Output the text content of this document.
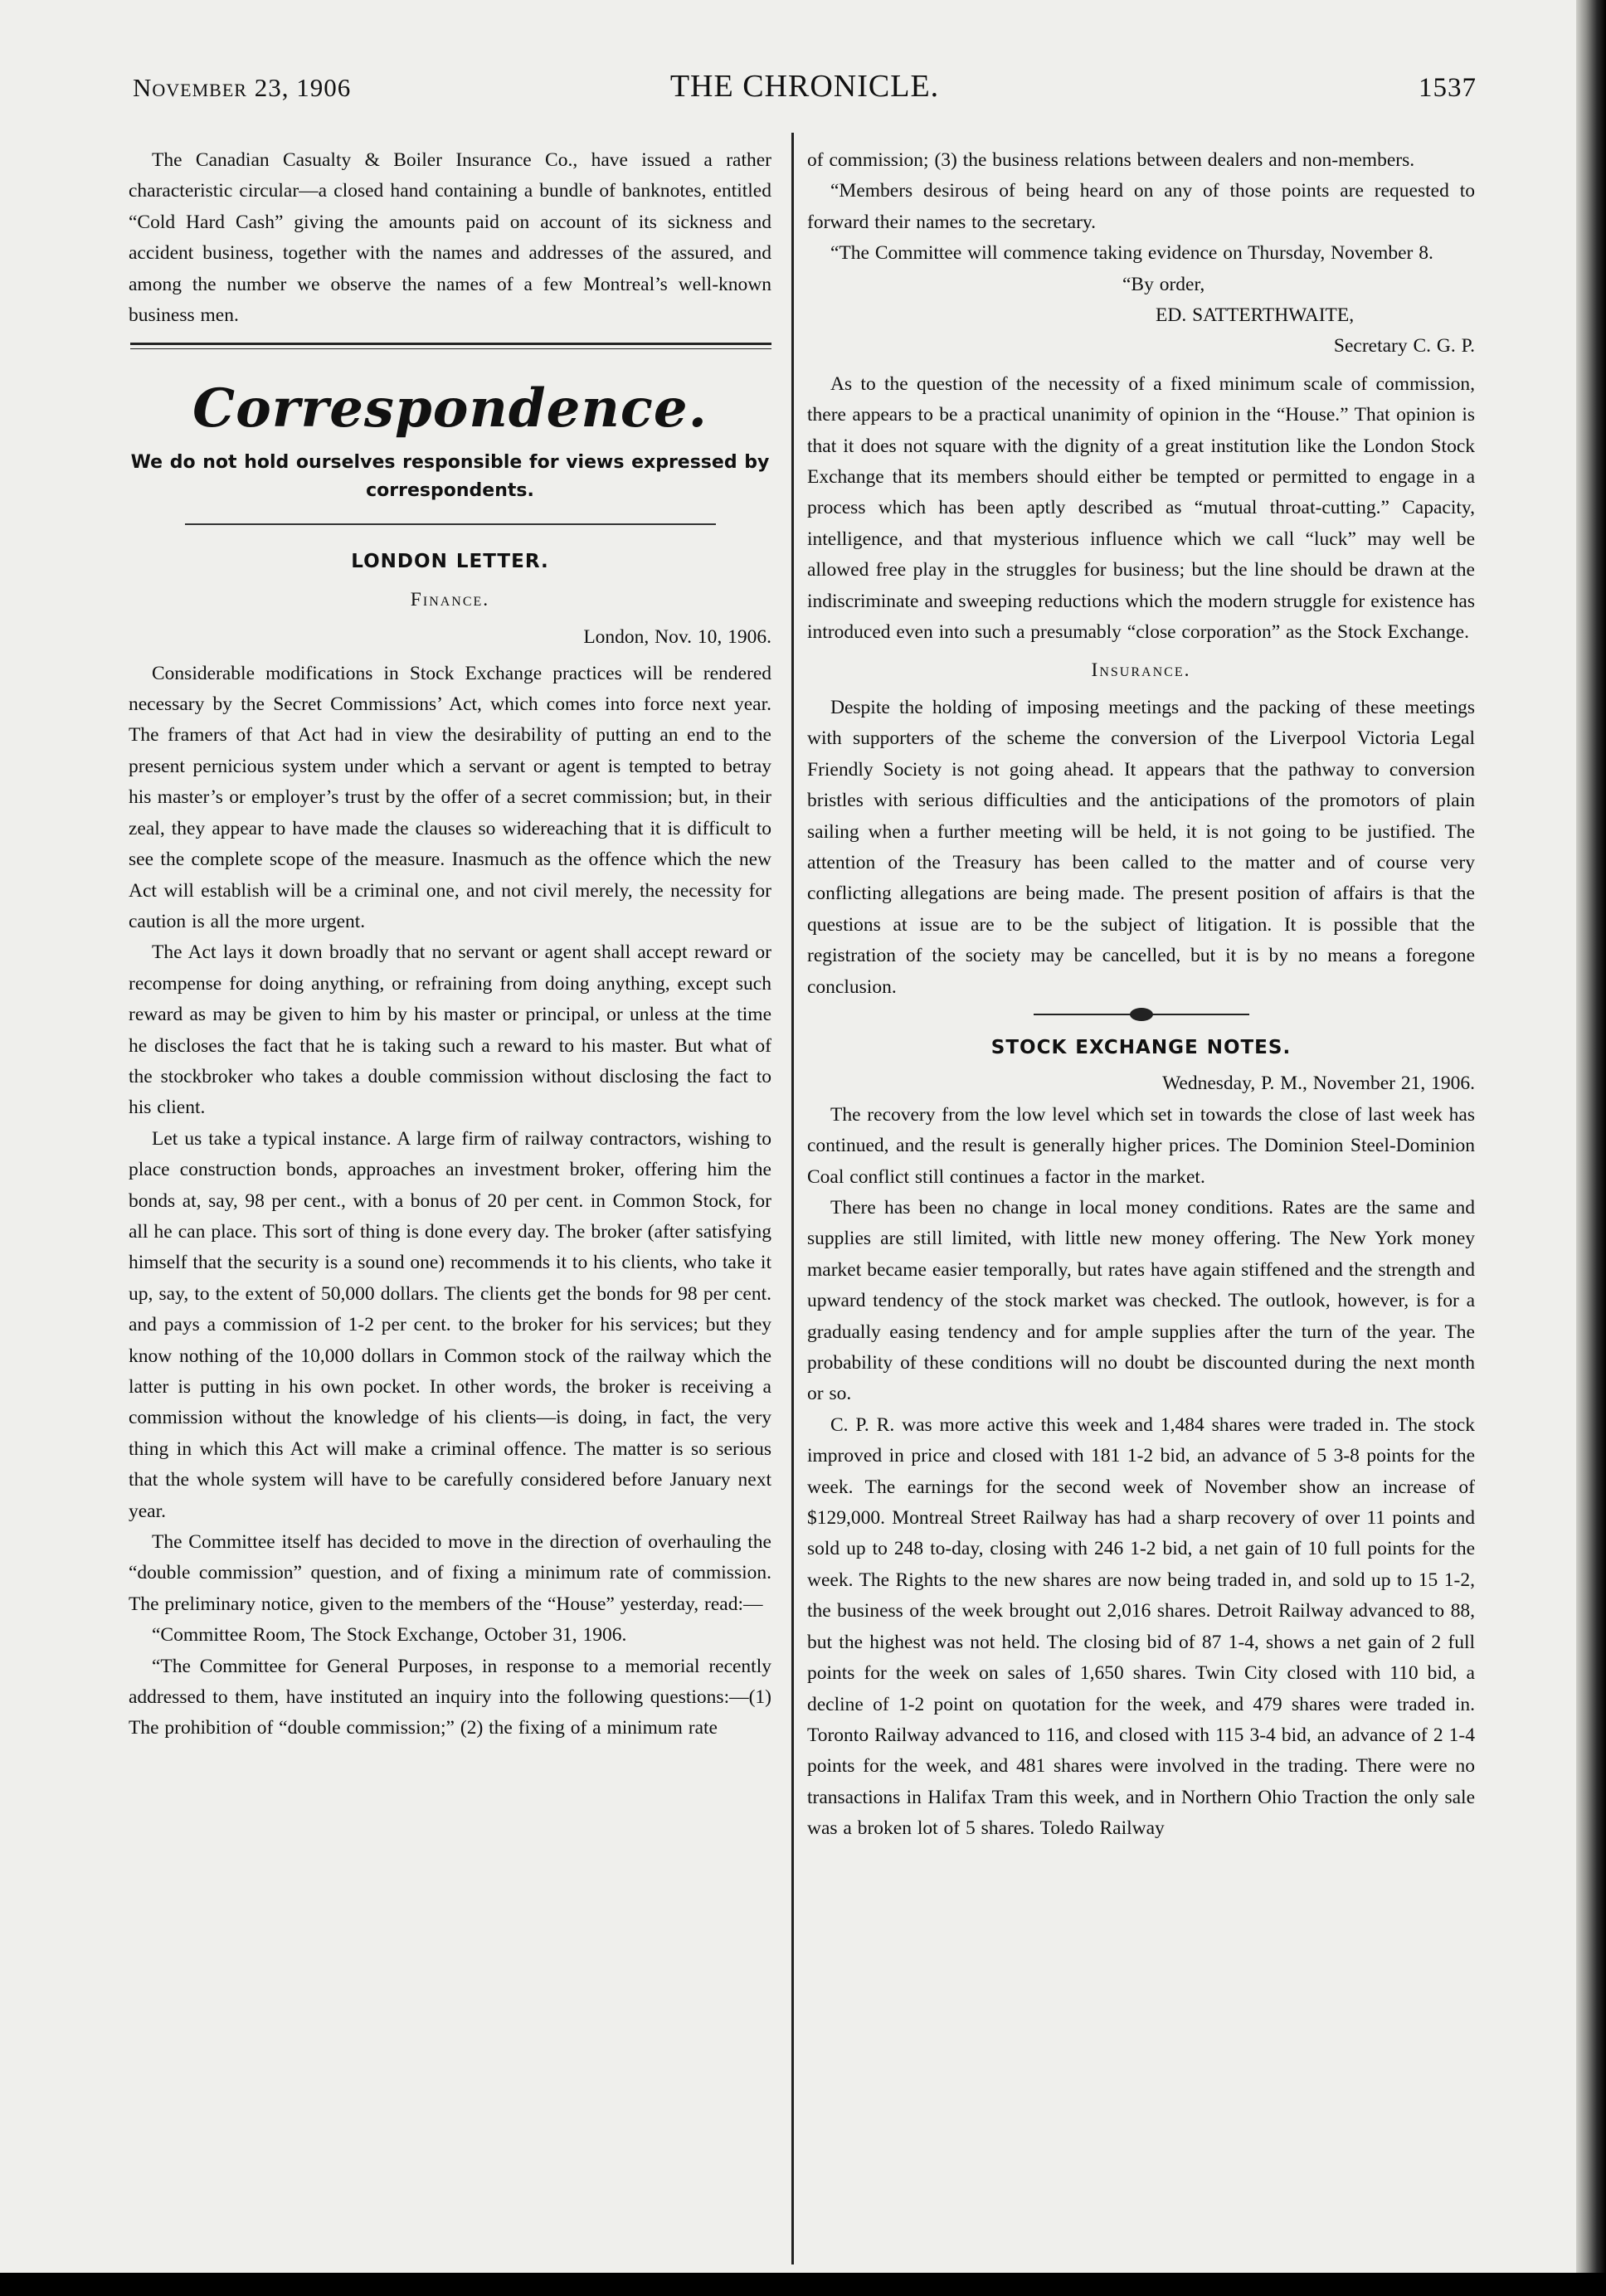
November 23, 1906	THE CHRONICLE.	1537

The Canadian Casualty & Boiler Insurance Co., have issued a rather characteristic circular—a closed hand containing a bundle of banknotes, entitled “Cold Hard Cash” giving the amounts paid on account of its sickness and accident business, together with the names and addresses of the assured, and among the number we observe the names of a few Montreal’s well-known business men.

Correspondence.
We do not hold ourselves responsible for views expressed by correspondents.
LONDON LETTER.
Finance.

London, Nov. 10, 1906.

Considerable modifications in Stock Exchange practices will be rendered necessary by the Secret Commissions’ Act, which comes into force next year. The framers of that Act had in view the desirability of putting an end to the present pernicious system under which a servant or agent is tempted to betray his master’s or employer’s trust by the offer of a secret commission; but, in their zeal, they appear to have made the clauses so widereaching that it is difficult to see the complete scope of the measure. Inasmuch as the offence which the new Act will establish will be a criminal one, and not civil merely, the necessity for caution is all the more urgent.

The Act lays it down broadly that no servant or agent shall accept reward or recompense for doing anything, or refraining from doing anything, except such reward as may be given to him by his master or principal, or unless at the time he discloses the fact that he is taking such a reward to his master. But what of the stockbroker who takes a double commission without disclosing the fact to his client.

Let us take a typical instance. A large firm of railway contractors, wishing to place construction bonds, approaches an investment broker, offering him the bonds at, say, 98 per cent., with a bonus of 20 per cent. in Common Stock, for all he can place. This sort of thing is done every day. The broker (after satisfying himself that the security is a sound one) recommends it to his clients, who take it up, say, to the extent of 50,000 dollars. The clients get the bonds for 98 per cent. and pays a commission of 1-2 per cent. to the broker for his services; but they know nothing of the 10,000 dollars in Common stock of the railway which the latter is putting in his own pocket. In other words, the broker is receiving a commission without the knowledge of his clients—is doing, in fact, the very thing in which this Act will make a criminal offence. The matter is so serious that the whole system will have to be carefully considered before January next year.

The Committee itself has decided to move in the direction of overhauling the “double commission” question, and of fixing a minimum rate of commission. The preliminary notice, given to the members of the “House” yesterday, read:—

“Committee Room, The Stock Exchange, October 31, 1906.

“The Committee for General Purposes, in response to a memorial recently addressed to them, have instituted an inquiry into the following questions:—(1) The prohibition of “double commission;” (2) the fixing of a minimum rate

of commission; (3) the business relations between dealers and non-members.

“Members desirous of being heard on any of those points are requested to forward their names to the secretary.

“The Committee will commence taking evidence on Thursday, November 8.

“By order,

ED. SATTERTHWAITE,

Secretary C. G. P.

As to the question of the necessity of a fixed minimum scale of commission, there appears to be a practical unanimity of opinion in the “House.” That opinion is that it does not square with the dignity of a great institution like the London Stock Exchange that its members should either be tempted or permitted to engage in a process which has been aptly described as “mutual throat-cutting.” Capacity, intelligence, and that mysterious influence which we call “luck” may well be allowed free play in the struggles for business; but the line should be drawn at the indiscriminate and sweeping reductions which the modern struggle for existence has introduced even into such a presumably “close corporation” as the Stock Exchange.

Insurance.

Despite the holding of imposing meetings and the packing of these meetings with supporters of the scheme the conversion of the Liverpool Victoria Legal Friendly Society is not going ahead. It appears that the pathway to conversion bristles with serious difficulties and the anticipations of the promotors of plain sailing when a further meeting will be held, it is not going to be justified. The attention of the Treasury has been called to the matter and of course very conflicting allegations are being made. The present position of affairs is that the questions at issue are to be the subject of litigation. It is possible that the registration of the society may be cancelled, but it is by no means a foregone conclusion.

STOCK EXCHANGE NOTES.

Wednesday, P. M., November 21, 1906.

The recovery from the low level which set in towards the close of last week has continued, and the result is generally higher prices. The Dominion Steel-Dominion Coal conflict still continues a factor in the market.

There has been no change in local money conditions. Rates are the same and supplies are still limited, with little new money offering. The New York money market became easier temporally, but rates have again stiffened and the strength and upward tendency of the stock market was checked. The outlook, however, is for a gradually easing tendency and for ample supplies after the turn of the year. The probability of these conditions will no doubt be discounted during the next month or so.

C. P. R. was more active this week and 1,484 shares were traded in. The stock improved in price and closed with 181 1-2 bid, an advance of 5 3-8 points for the week. The earnings for the second week of November show an increase of $129,000. Montreal Street Railway has had a sharp recovery of over 11 points and sold up to 248 to-day, closing with 246 1-2 bid, a net gain of 10 full points for the week. The Rights to the new shares are now being traded in, and sold up to 15 1-2, the business of the week brought out 2,016 shares. Detroit Railway advanced to 88, but the highest was not held. The closing bid of 87 1-4, shows a net gain of 2 full points for the week on sales of 1,650 shares. Twin City closed with 110 bid, a decline of 1-2 point on quotation for the week, and 479 shares were traded in. Toronto Railway advanced to 116, and closed with 115 3-4 bid, an advance of 2 1-4 points for the week, and 481 shares were involved in the trading. There were no transactions in Halifax Tram this week, and in Northern Ohio Traction the only sale was a broken lot of 5 shares. Toledo Railway
